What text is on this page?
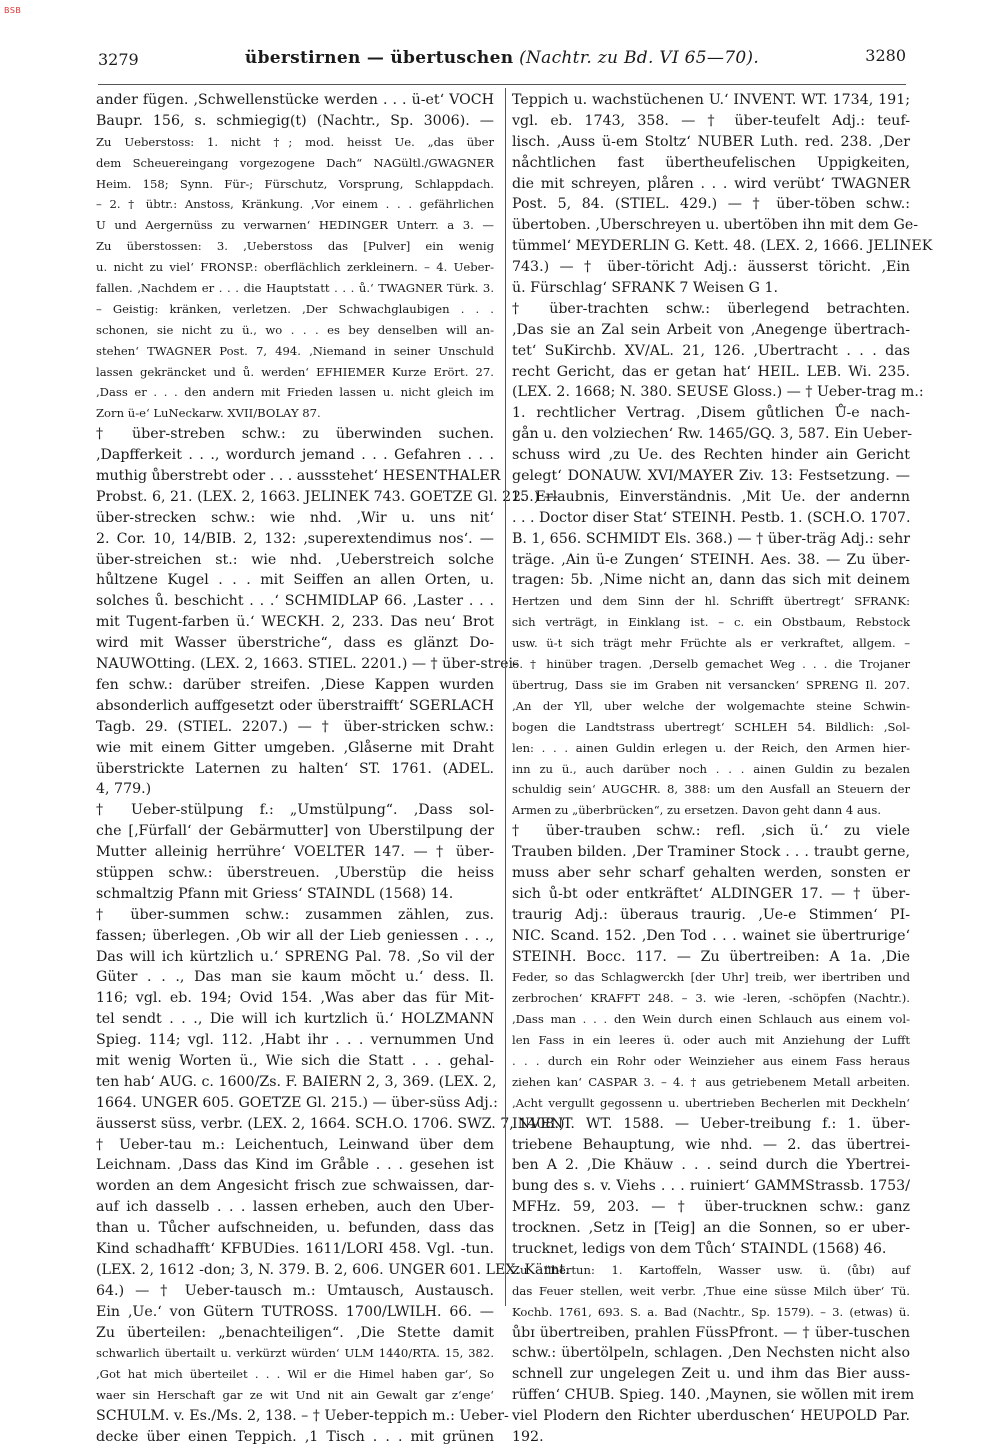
BSB
3279	überstirnen — übertuschen (Nachtr. zu Bd. VI 65—70).	3280
ander fügen. ‚Schwellenstücke werden . . . ü-et‘ VOCH
Baupr. 156, s. schmiegig(t) (Nachtr., Sp. 3006). —
Zu Ueberstoss: 1. nicht †; mod. heisst Ue. „das über
dem Scheuereingang vorgezogene Dach“ NAGültl./GWAGNER
Heim. 158; Synn. Für-; Fürschutz, Vorsprung, Schlappdach.
– 2. † übtr.: Anstoss, Kränkung. ‚Vor einem . . . gefährlichen
U und Aergernüss zu verwarnen‘ HEDINGER Unterr. a 3. —
Zu überstossen: 3. ‚Ueberstoss das [Pulver] ein wenig
u. nicht zu viel‘ FRONSP.: oberflächlich zerkleinern. – 4. Ueber-
fallen. ‚Nachdem er . . . die Hauptstatt . . . ů.‘ TWAGNER Türk. 3.
– Geistig: kränken, verletzen. ‚Der Schwachglaubigen . . .
schonen, sie nicht zu ü., wo . . . es bey denselben will an-
stehen‘ TWAGNER Post. 7, 494. ‚Niemand in seiner Unschuld
lassen gekräncket und ů. werden‘ EFHIEMER Kurze Erört. 27.
‚Dass er . . . den andern mit Frieden lassen u. nicht gleich im
Zorn ü-e‘ LuNeckarw. XVII/BOLAY 87.
† über-streben schw.: zu überwinden suchen.
‚Dapfferkeit . . ., wordurch jemand . . . Gefahren . . .
muthig ůberstrebt oder . . . aussstehet‘ HESENTHALER
Probst. 6, 21. (LEX. 2, 1663. JELINEK 743. GOETZE Gl. 215.) —
über-strecken schw.: wie nhd. ‚Wir u. uns nit‘
2. Cor. 10, 14/BIB. 2, 132: ‚superextendimus nos‘. —
über-streichen st.: wie nhd. ‚Ueberstreich solche
hůltzene Kugel . . . mit Seiffen an allen Orten, u.
solches ů. beschicht . . .‘ SCHMIDLAP 66. ‚Laster . . .
mit Tugent-farben ü.‘ WECKH. 2, 233. Das neu‘ Brot
wird mit Wasser überstriche“, dass es glänzt Do-
NAUWOtting. (LEX. 2, 1663. STIEL. 2201.) — † über-strei-
fen schw.: darüber streifen. ‚Diese Kappen wurden
absonderlich auffgesetzt oder überstraifft‘ SGERLACH
Tagb. 29. (STIEL. 2207.) — † über-stricken schw.:
wie mit einem Gitter umgeben. ‚Glåserne mit Draht
überstrickte Laternen zu halten‘ ST. 1761. (ADEL.
4, 779.)
† Ueber-stülpung f.: „Umstülpung“. ‚Dass sol-
che [‚Fürfall‘ der Gebärmutter] von Uberstilpung der
Mutter alleinig herrühre‘ VOELTER 147. — † über-
stüppen schw.: überstreuen. ‚Uberstüp die heiss
schmaltzig Pfann mit Griess‘ STAINDL (1568) 14.
† über-summen schw.: zusammen zählen, zus.
fassen; überlegen. ‚Ob wir all der Lieb geniessen . . .,
Das will ich kürtzlich u.‘ SPRENG Pal. 78. ‚So vil der
Güter . . ., Das man sie kaum mŏcht u.‘ dess. Il.
116; vgl. eb. 194; Ovid 154. ‚Was aber das für Mit-
tel sendt . . ., Die will ich kurtzlich ü.‘ HOLZMANN
Spieg. 114; vgl. 112. ‚Habt ihr . . . vernummen Und
mit wenig Worten ü., Wie sich die Statt . . . gehal-
ten hab‘ AUG. c. 1600/Zs. F. BAIERN 2, 3, 369. (LEX. 2,
1664. UNGER 605. GOETZE Gl. 215.) — über-süss Adj.:
äusserst süss, verbr. (LEX. 2, 1664. SCH.O. 1706. SWZ. 7, 1408.)
† Ueber-tau m.: Leichentuch, Leinwand über dem
Leichnam. ‚Dass das Kind im Gråble . . . gesehen ist
worden an dem Angesicht frisch zue schwaissen, dar-
auf ich dasselb . . . lassen erheben, auch den Uber-
than u. Tůcher aufschneiden, u. befunden, dass das
Kind schadhafft‘ KFBUDies. 1611/LORI 458. Vgl. -tun.
(LEX. 2, 1612 -don; 3, N. 379. B. 2, 606. UNGER 601. LEX. Kärnt.
64.) — † Ueber-tausch m.: Umtausch, Austausch.
Ein ‚Ue.‘ von Gütern TUTROSS. 1700/LWILH. 66. —
Zu überteilen: „benachteiligen“. ‚Die Stette damit
schwarlich übertailt u. verkürzt würden‘ ULM 1440/RTA. 15, 382.
‚Got hat mich überteilet . . . Wil er die Himel haben gar‘, So
waer sin Herschaft gar ze wit Und nit ain Gewalt gar z‘enge‘
SCHULM. v. Es./Ms. 2, 138. – † Ueber-teppich m.: Ueber-
decke über einen Teppich. ‚1 Tisch . . . mit grünen
Teppich u. wachstüchenen U.‘ INVENT. WT. 1734, 191;
vgl. eb. 1743, 358. — † über-teufelt Adj.: teuf-
lisch. ‚Auss ü-em Stoltz‘ NUBER Luth. red. 238. ‚Der
nåchtlichen fast übertheufelischen Uppigkeiten,
die mit schreyen, plåren . . . wird verübt‘ TWAGNER
Post. 5, 84. (STIEL. 429.) — † über-töben schw.:
übertoben. ‚Uberschreyen u. ubertöben ihn mit dem Ge-
tümmel‘ MEYDERLIN G. Kett. 48. (LEX. 2, 1666. JELINEK
743.) — † über-töricht Adj.: äusserst töricht. ‚Ein
ü. Fürschlag‘ SFRANK 7 Weisen G 1.
† über-trachten schw.: überlegend betrachten.
‚Das sie an Zal sein Arbeit von ‚Anegenge übertrach-
tet‘ SuKirchb. XV/AL. 21, 126. ‚Ubertracht . . . das
recht Gericht, das er getan hat‘ HEIL. LEB. Wi. 235.
(LEX. 2. 1668; N. 380. SEUSE Gloss.) — † Ueber-trag m.:
1. rechtlicher Vertrag. ‚Disem gůtlichen Ů-e nach-
gån u. den volziechen‘ Rw. 1465/GQ. 3, 587. Ein Ueber-
schuss wird ‚zu Ue. des Rechten hinder ain Gericht
gelegt‘ DONAUW. XVI/MAYER Ziv. 13: Festsetzung. —
2. Erlaubnis, Einverständnis. ‚Mit Ue. der andernn
. . . Doctor diser Stat‘ STEINH. Pestb. 1. (SCH.O. 1707.
B. 1, 656. SCHMIDT Els. 368.) — † über-träg Adj.: sehr
träge. ‚Ain ü-e Zungen‘ STEINH. Aes. 38. — Zu über-
tragen: 5b. ‚Nime nicht an, dann das sich mit deinem
Hertzen und dem Sinn der hl. Schrifft übertregt‘ SFRANK:
sich verträgt, in Einklang ist. – c. ein Obstbaum, Rebstock
usw. ü-t sich trägt mehr Früchte als er verkraftet, allgem. –
6. † hinüber tragen. ‚Derselb gemachet Weg . . . die Trojaner
übertrug, Dass sie im Graben nit versancken‘ SPRENG Il. 207.
‚An der Yll, uber welche der wolgemachte steine Schwin-
bogen die Landtstrass ubertregt‘ SCHLEH 54. Bildlich: ‚Sol-
len: . . . ainen Guldin erlegen u. der Reich, den Armen hier-
inn zu ü., auch darüber noch . . . ainen Guldin zu bezalen
schuldig sein‘ AUGCHR. 8, 388: um den Ausfall an Steuern der
Armen zu „überbrücken“, zu ersetzen. Davon geht dann 4 aus.
† über-trauben schw.: refl. ‚sich ü.‘ zu viele
Trauben bilden. ‚Der Traminer Stock . . . traubt gerne,
muss aber sehr scharf gehalten werden, sonsten er
sich ů-bt oder entkräftet‘ ALDINGER 17. — † über-
traurig Adj.: überaus traurig. ‚Ue-e Stimmen‘ PI-
NIC. Scand. 152. ‚Den Tod . . . wainet sie übertrurige‘
STEINH. Bocc. 117. — Zu übertreiben: A 1a. ‚Die
Feder, so das Schlagwerckh [der Uhr] treib, wer ibertriben und
zerbrochen‘ KRAFFT 248. – 3. wie -leren, -schöpfen (Nachtr.).
‚Dass man . . . den Wein durch einen Schlauch aus einem vol-
len Fass in ein leeres ü. oder auch mit Anziehung der Lufft
. . . durch ein Rohr oder Weinzieher aus einem Fass heraus
ziehen kan‘ CASPAR 3. – 4. † aus getriebenem Metall arbeiten.
‚Acht vergullt gegossenn u. ubertrieben Becherlen mit Deckheln‘
INVENT. WT. 1588. — Ueber-treibung f.: 1. über-
triebene Behauptung, wie nhd. — 2. das übertrei-
ben A 2. ‚Die Khäuw . . . seind durch die Ybertrei-
bung des s. v. Viehs . . . ruiniert‘ GAMMStrassb. 1753/
MFHz. 59, 203. — † über-trucknen schw.: ganz
trocknen. ‚Setz in [Teig] an die Sonnen, so er uber-
trucknet, ledigs von dem Tůch‘ STAINDL (1568) 46.
Zu übertun: 1. Kartoffeln, Wasser usw. ü. (ůbɪ) auf
das Feuer stellen, weit verbr. ‚Thue eine süsse Milch über‘ Tü.
Kochb. 1761, 693. S. a. Bad (Nachtr., Sp. 1579). – 3. (etwas) ü.
ůbɪ übertreiben, prahlen FüssPfront. — † über-tuschen
schw.: übertölpeln, schlagen. ‚Den Nechsten nicht also
schnell zur ungelegen Zeit u. und ihm das Bier auss-
rüffen‘ CHUB. Spieg. 140. ‚Maynen, sie wŏllen mit irem
viel Plodern den Richter uberduschen‘ HEUPOLD Par.
192.
